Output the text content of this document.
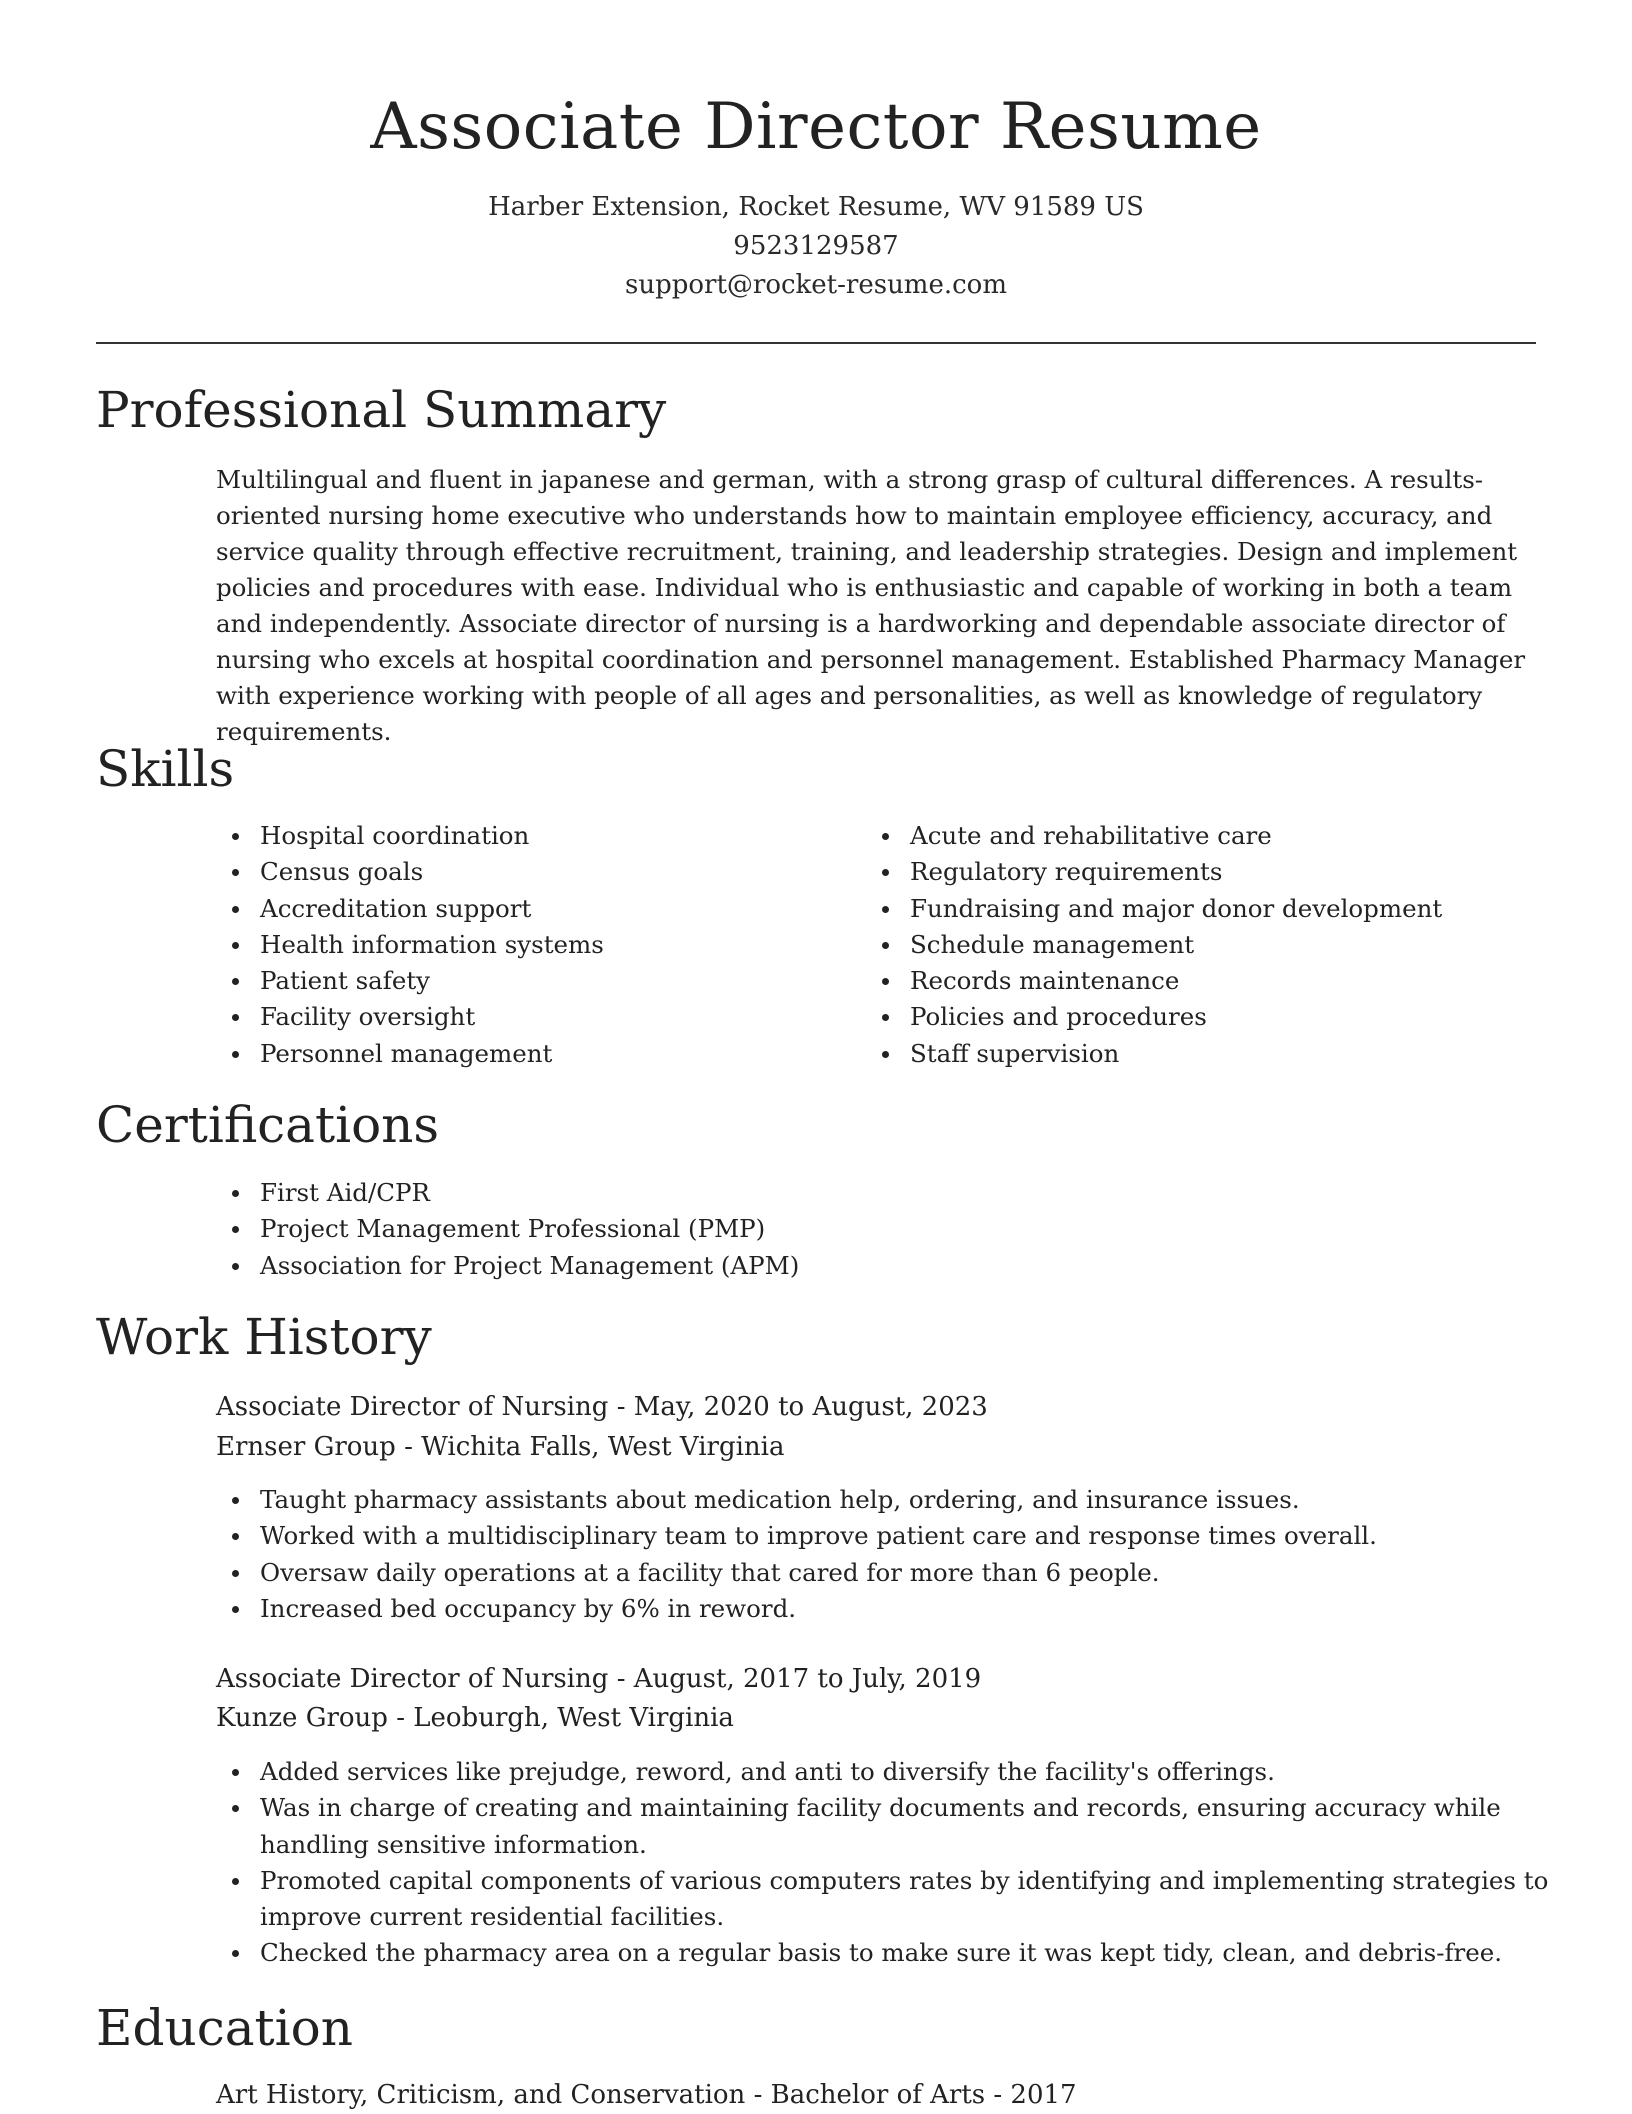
Associate Director Resume
Harber Extension, Rocket Resume, WV 91589 US
9523129587
support@rocket-resume.com
Professional Summary

Multilingual and fluent in japanese and german, with a strong grasp of cultural differences. A results-oriented nursing home executive who understands how to maintain employee efficiency, accuracy, and service quality through effective recruitment, training, and leadership strategies. Design and implement policies and procedures with ease. Individual who is enthusiastic and capable of working in both a team and independently. Associate director of nursing is a hardworking and dependable associate director of nursing who excels at hospital coordination and personnel management. Established Pharmacy Manager with experience working with people of all ages and personalities, as well as knowledge of regulatory requirements.

Skills
Hospital coordination
Census goals
Accreditation support
Health information systems
Patient safety
Facility oversight
Personnel management
Acute and rehabilitative care
Regulatory requirements
Fundraising and major donor development
Schedule management
Records maintenance
Policies and procedures
Staff supervision
Certifications
First Aid/CPR
Project Management Professional (PMP)
Association for Project Management (APM)
Work History
Associate Director of Nursing - May, 2020 to August, 2023
Ernser Group - Wichita Falls, West Virginia
Taught pharmacy assistants about medication help, ordering, and insurance issues.
Worked with a multidisciplinary team to improve patient care and response times overall.
Oversaw daily operations at a facility that cared for more than 6 people.
Increased bed occupancy by 6% in reword.
Associate Director of Nursing - August, 2017 to July, 2019
Kunze Group - Leoburgh, West Virginia
Added services like prejudge, reword, and anti to diversify the facility's offerings.
Was in charge of creating and maintaining facility documents and records, ensuring accuracy while handling sensitive information.
Promoted capital components of various computers rates by identifying and implementing strategies to improve current residential facilities.
Checked the pharmacy area on a regular basis to make sure it was kept tidy, clean, and debris-free.
Education
Art History, Criticism, and Conservation - Bachelor of Arts - 2017
